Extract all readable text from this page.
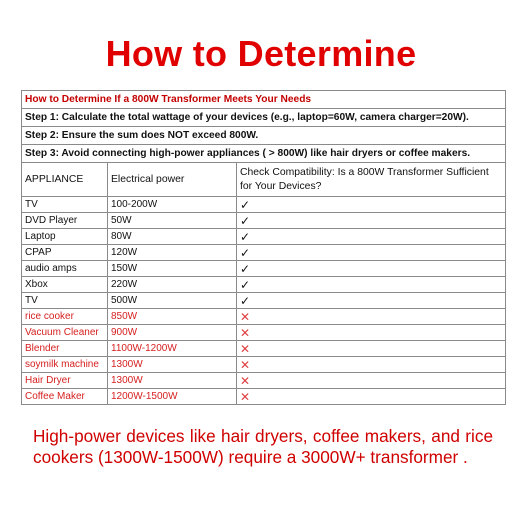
How to Determine
How to Determine If a 800W Transformer Meets Your Needs		
Step 1: Calculate the total wattage of your devices (e.g., laptop=60W, camera charger=20W).		
Step 2: Ensure the sum does NOT exceed 800W.		
Step 3: Avoid connecting high-power appliances ( > 800W) like hair dryers or coffee makers.		
APPLIANCE	Electrical power	Check Compatibility: Is a 800W Transformer Sufficient for Your Devices?
TV	100-200W	✓
DVD Player	50W	✓
Laptop	80W	✓
CPAP	120W	✓
audio amps	150W	✓
Xbox	220W	✓
TV	500W	✓
rice cooker	850W	✕
Vacuum Cleaner	900W	✕
Blender	1100W-1200W	✕
soymilk machine	1300W	✕
Hair Dryer	1300W	✕
Coffee Maker	1200W-1500W	✕
High-power devices like hair dryers, coffee makers, and rice cookers (1300W-1500W) require a 3000W+ transformer .
